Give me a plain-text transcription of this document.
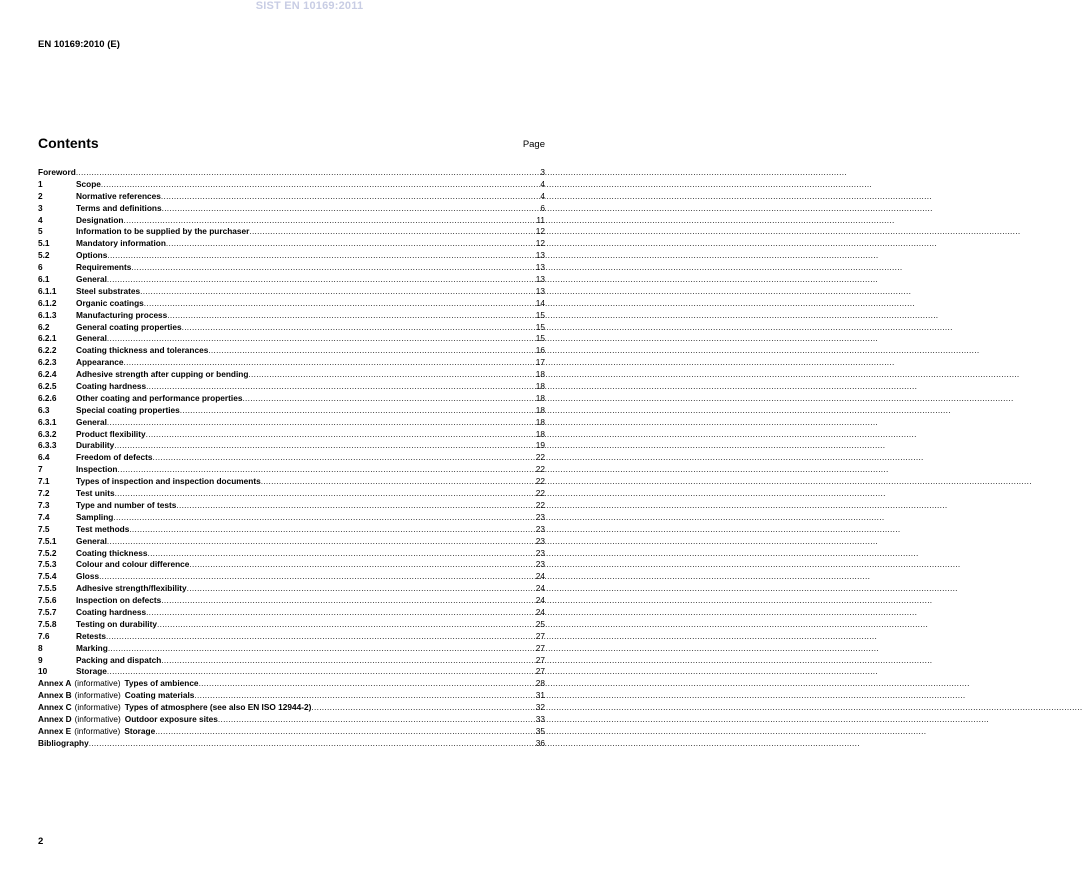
SIST EN 10169:2011
EN 10169:2010 (E)
Contents	Page
Foreword .....	3
1	Scope .....	4
2	Normative references .....	4
3	Terms and definitions .....	6
4	Designation .....	11
5	Information to be supplied by the purchaser .....	12
5.1	Mandatory information .....	12
5.2	Options .....	13
6	Requirements .....	13
6.1	General .....	13
6.1.1	Steel substrates .....	13
6.1.2	Organic coatings .....	14
6.1.3	Manufacturing process .....	15
6.2	General coating properties .....	15
6.2.1	General .....	15
6.2.2	Coating thickness and tolerances .....	16
6.2.3	Appearance .....	17
6.2.4	Adhesive strength after cupping or bending .....	18
6.2.5	Coating hardness .....	18
6.2.6	Other coating and performance properties .....	18
6.3	Special coating properties .....	18
6.3.1	General .....	18
6.3.2	Product flexibility .....	18
6.3.3	Durability .....	19
6.4	Freedom of defects .....	22
7	Inspection .....	22
7.1	Types of inspection and inspection documents .....	22
7.2	Test units .....	22
7.3	Type and number of tests .....	22
7.4	Sampling .....	23
7.5	Test methods .....	23
7.5.1	General .....	23
7.5.2	Coating thickness .....	23
7.5.3	Colour and colour difference .....	23
7.5.4	Gloss .....	24
7.5.5	Adhesive strength/flexibility .....	24
7.5.6	Inspection on defects .....	24
7.5.7	Coating hardness .....	24
7.5.8	Testing on durability .....	25
7.6	Retests .....	27
8	Marking .....	27
9	Packing and dispatch .....	27
10	Storage .....	27
Annex A (informative) Types of ambience .....	28
Annex B (informative) Coating materials .....	31
Annex C (informative) Types of atmosphere (see also EN ISO 12944-2) .....	32
Annex D (informative) Outdoor exposure sites .....	33
Annex E (informative) Storage .....	35
Bibliography .....	36
2
